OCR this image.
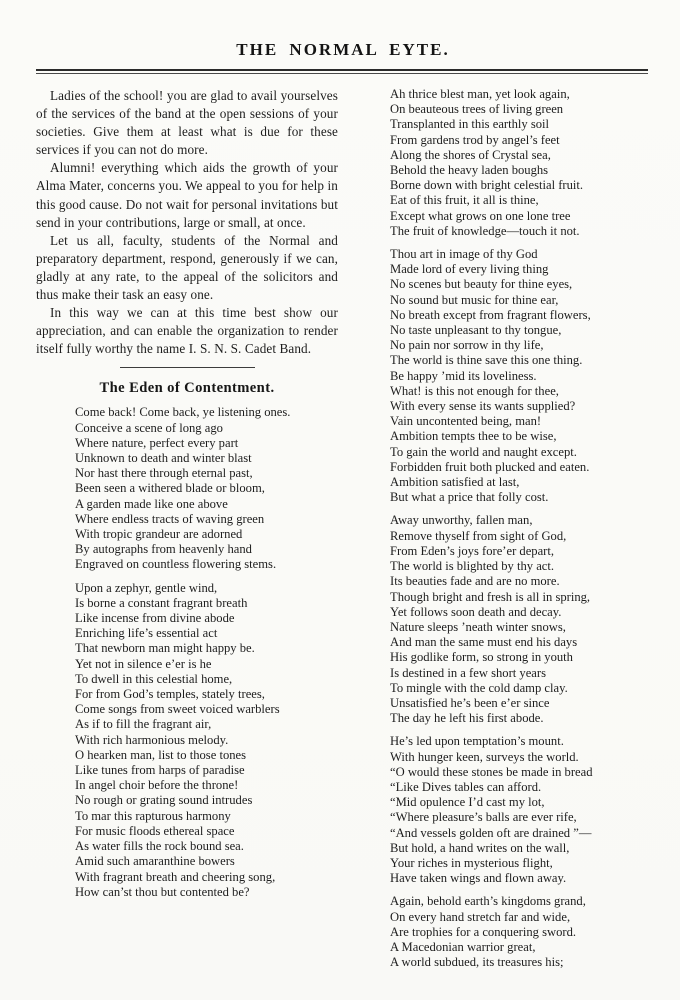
THE NORMAL EYTE.

Ladies of the school! you are glad to avail yourselves of the services of the band at the open sessions of your societies. Give them at least what is due for these services if you can not do more.

Alumni! everything which aids the growth of your Alma Mater, concerns you. We appeal to you for help in this good cause. Do not wait for personal invitations but send in your contributions, large or small, at once.

Let us all, faculty, students of the Normal and preparatory department, respond, generously if we can, gladly at any rate, to the appeal of the solicitors and thus make their task an easy one.

In this way we can at this time best show our appreciation, and can enable the organization to render itself fully worthy the name I. S. N. S. Cadet Band.

The Eden of Contentment.
Come back! Come back, ye listening ones.
Conceive a scene of long ago
Where nature, perfect every part
Unknown to death and winter blast
Nor hast there through eternal past,
Been seen a withered blade or bloom,
A garden made like one above
Where endless tracts of waving green
With tropic grandeur are adorned
By autographs from heavenly hand
Engraved on countless flowering stems.
Upon a zephyr, gentle wind,
Is borne a constant fragrant breath
Like incense from divine abode
Enriching life’s essential act
That newborn man might happy be.
Yet not in silence e’er is he
To dwell in this celestial home,
For from God’s temples, stately trees,
Come songs from sweet voiced warblers
As if to fill the fragrant air,
With rich harmonious melody.
O hearken man, list to those tones
Like tunes from harps of paradise
In angel choir before the throne!
No rough or grating sound intrudes
To mar this rapturous harmony
For music floods ethereal space
As water fills the rock bound sea.
Amid such amaranthine bowers
With fragrant breath and cheering song,
How can’st thou but contented be?
Ah thrice blest man, yet look again,
On beauteous trees of living green
Transplanted in this earthly soil
From gardens trod by angel’s feet
Along the shores of Crystal sea,
Behold the heavy laden boughs
Borne down with bright celestial fruit.
Eat of this fruit, it all is thine,
Except what grows on one lone tree
The fruit of knowledge—touch it not.
Thou art in image of thy God
Made lord of every living thing
No scenes but beauty for thine eyes,
No sound but music for thine ear,
No breath except from fragrant flowers,
No taste unpleasant to thy tongue,
No pain nor sorrow in thy life,
The world is thine save this one thing.
Be happy ’mid its loveliness.
What! is this not enough for thee,
With every sense its wants supplied?
Vain uncontented being, man!
Ambition tempts thee to be wise,
To gain the world and naught except.
Forbidden fruit both plucked and eaten.
Ambition satisfied at last,
But what a price that folly cost.
Away unworthy, fallen man,
Remove thyself from sight of God,
From Eden’s joys fore’er depart,
The world is blighted by thy act.
Its beauties fade and are no more.
Though bright and fresh is all in spring,
Yet follows soon death and decay.
Nature sleeps ’neath winter snows,
And man the same must end his days
His godlike form, so strong in youth
Is destined in a few short years
To mingle with the cold damp clay.
Unsatisfied he’s been e’er since
The day he left his first abode.
He’s led upon temptation’s mount.
With hunger keen, surveys the world.
“O would these stones be made in bread
“Like Dives tables can afford.
“Mid opulence I’d cast my lot,
“Where pleasure’s balls are ever rife,
“And vessels golden oft are drained ”—
But hold, a hand writes on the wall,
Your riches in mysterious flight,
Have taken wings and flown away.
Again, behold earth’s kingdoms grand,
On every hand stretch far and wide,
Are trophies for a conquering sword.
A Macedonian warrior great,
A world subdued, its treasures his;
